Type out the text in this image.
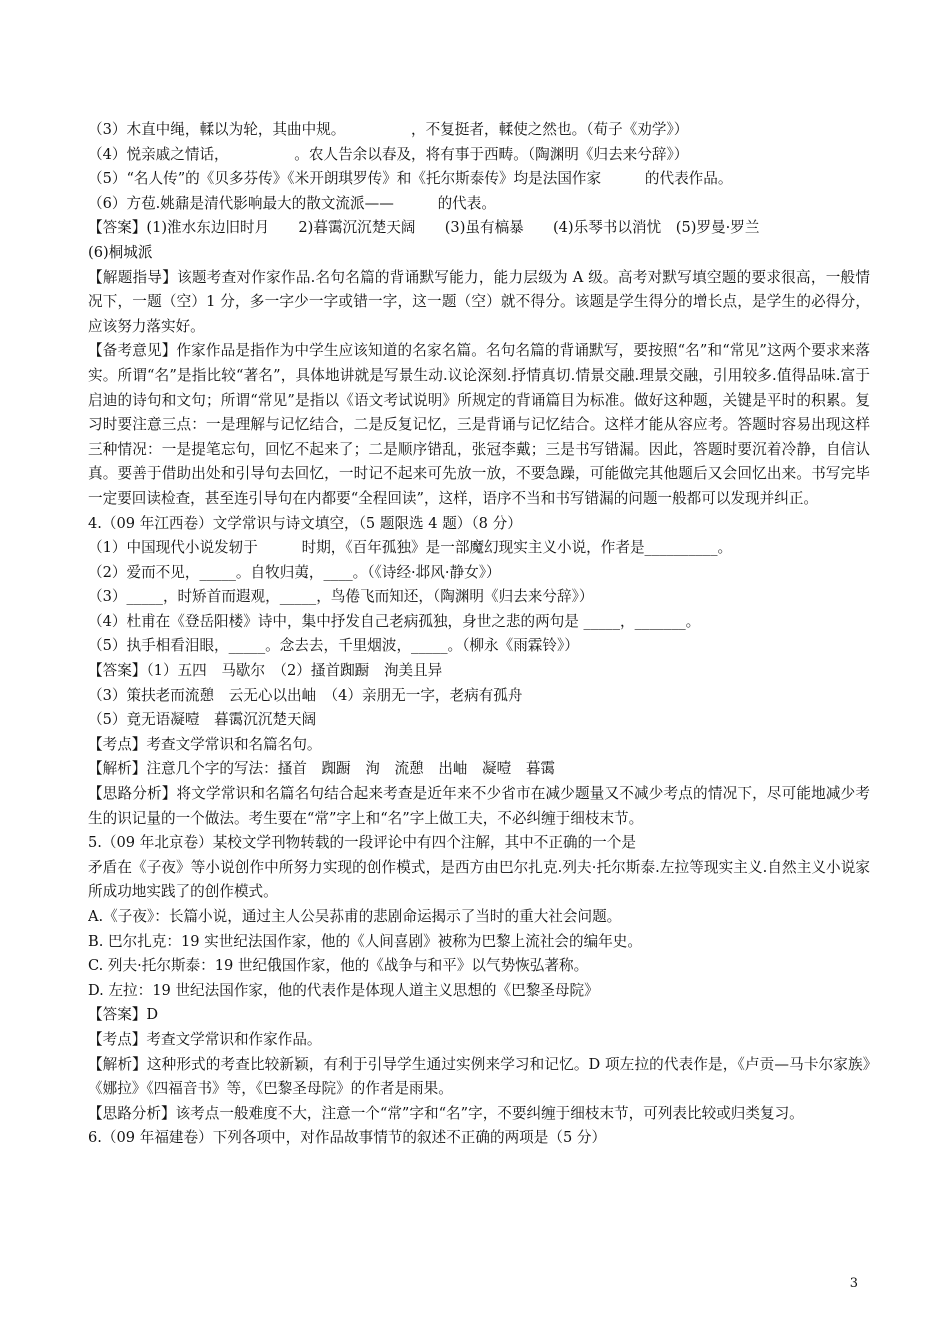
（3）木直中绳，輮以为轮，其曲中规。　　　　　，不复挺者，輮使之然也。（荀子《劝学》）
（4）悦亲戚之情话，　　　　　。农人告余以春及，将有事于西畴。（陶渊明《归去来兮辞》）
（5）“名人传”的《贝多芬传》《米开朗琪罗传》和《托尔斯泰传》均是法国作家　　　的代表作品。
（6）方苞.姚鼐是清代影响最大的散文流派——　　　的代表。
【答案】(1)淮水东边旧时月　　2)暮霭沉沉楚天阔　　(3)虽有槁暴　　(4)乐琴书以消忧　(5)罗曼·罗兰
(6)桐城派
【解题指导】该题考查对作家作品.名句名篇的背诵默写能力，能力层级为 A 级。高考对默写填空题的要求很高，一般情况下，一题（空）1 分，多一字少一字或错一字，这一题（空）就不得分。该题是学生得分的增长点，是学生的必得分，应该努力落实好。
【备考意见】作家作品是指作为中学生应该知道的名家名篇。名句名篇的背诵默写，要按照“名”和“常见”这两个要求来落实。所谓“名”是指比较“著名”，具体地讲就是写景生动.议论深刻.抒情真切.情景交融.理景交融，引用较多.值得品味.富于启迪的诗句和文句；所谓“常见”是指以《语文考试说明》所规定的背诵篇目为标准。做好这种题，关键是平时的积累。复习时要注意三点：一是理解与记忆结合，二是反复记忆，三是背诵与记忆结合。这样才能从容应考。答题时容易出现这样三种情况：一是提笔忘句，回忆不起来了；二是顺序错乱，张冠李戴；三是书写错漏。因此，答题时要沉着冷静，自信认真。要善于借助出处和引导句去回忆，一时记不起来可先放一放，不要急躁，可能做完其他题后又会回忆出来。书写完毕一定要回读检查，甚至连引导句在内都要“全程回读”，这样，语序不当和书写错漏的问题一般都可以发现并纠正。
4.（09 年江西卷）文学常识与诗文填空，（5 题限选 4 题）（8 分）
（1）中国现代小说发轫于　　　时期，《百年孤独》是一部魔幻现实主义小说，作者是__________。
（2）爱而不见，_____。自牧归荑，____。（《诗经·邶风·静女》）
（3）_____，时矫首而遐观，_____，鸟倦飞而知还，（陶渊明《归去来兮辞》）
（4）杜甫在《登岳阳楼》诗中，集中抒发自己老病孤独，身世之悲的两句是 _____，_______。
（5）执手相看泪眼，_____。念去去，千里烟波，_____。（柳永《雨霖铃》）
【答案】（1）五四　马歇尔　（2）搔首踟蹰　洵美且异
（3）策扶老而流憩　云无心以出岫　（4）亲朋无一字，老病有孤舟
（5）竟无语凝噎　暮霭沉沉楚天阔
【考点】考查文学常识和名篇名句。
【解析】注意几个字的写法：搔首　踟蹰　洵　流憩　出岫　凝噎　暮霭
【思路分析】将文学常识和名篇名句结合起来考查是近年来不少省市在减少题量又不减少考点的情况下，尽可能地减少考生的识记量的一个做法。考生要在“常”字上和“名”字上做工夫，不必纠缠于细枝末节。
5.（09 年北京卷）某校文学刊物转载的一段评论中有四个注解，其中不正确的一个是
矛盾在《子夜》等小说创作中所努力实现的创作模式，是西方由巴尔扎克.列夫·托尔斯泰.左拉等现实主义.自然主义小说家所成功地实践了的创作模式。
A.《子夜》：长篇小说，通过主人公吴荪甫的悲剧命运揭示了当时的重大社会问题。
B. 巴尔扎克：19 实世纪法国作家，他的《人间喜剧》被称为巴黎上流社会的编年史。
C. 列夫·托尔斯泰：19 世纪俄国作家，他的《战争与和平》以气势恢弘著称。
D. 左拉：19 世纪法国作家，他的代表作是体现人道主义思想的《巴黎圣母院》
【答案】D
【考点】考查文学常识和作家作品。
【解析】这种形式的考查比较新颖，有利于引导学生通过实例来学习和记忆。D 项左拉的代表作是，《卢贡—马卡尔家族》《娜拉》《四福音书》等，《巴黎圣母院》的作者是雨果。
【思路分析】该考点一般难度不大，注意一个“常”字和“名”字，不要纠缠于细枝末节，可列表比较或归类复习。
6.（09 年福建卷）下列各项中，对作品故事情节的叙述不正确的两项是（5 分）
3
